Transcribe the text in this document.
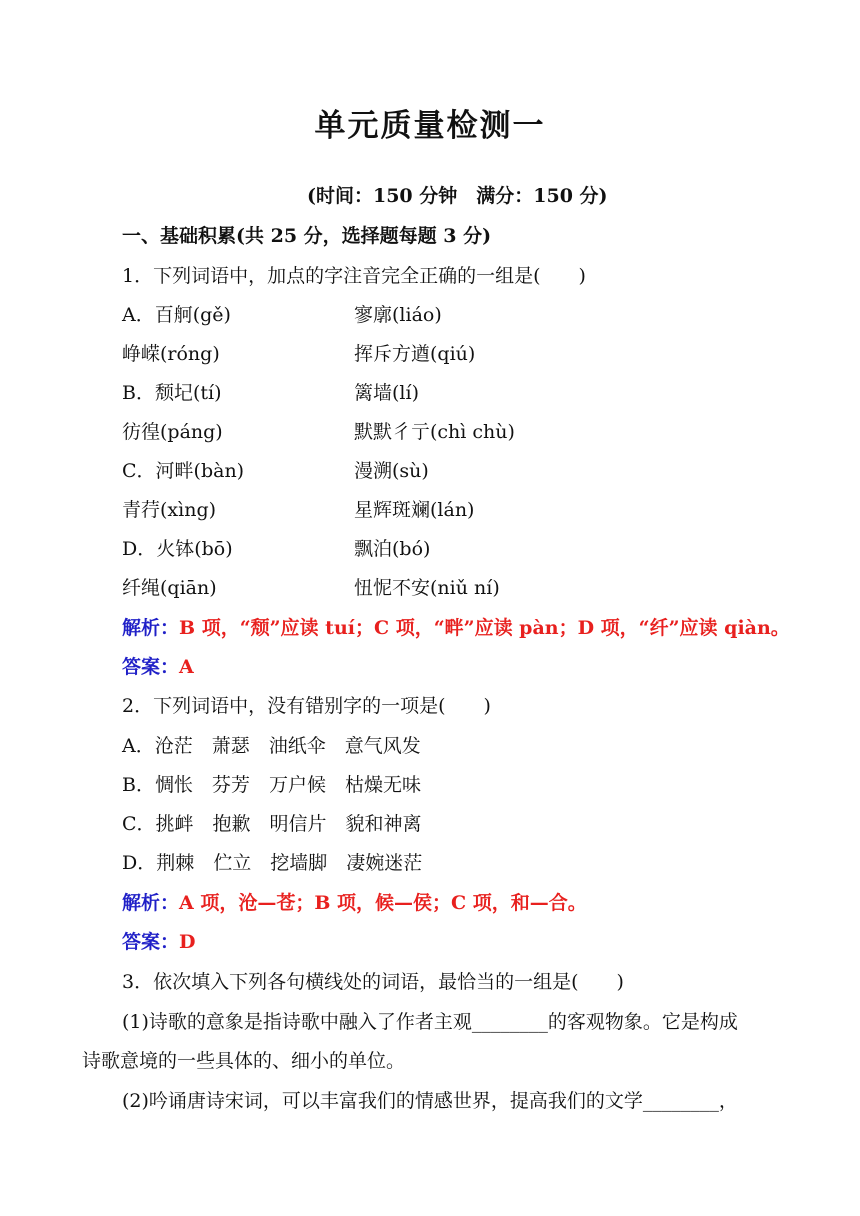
单元质量检测一
(时间：150 分钟　满分：150 分)
一、基础积累(共 25 分，选择题每题 3 分)
1．下列词语中，加点的字注音完全正确的一组是(　　)
A．百舸(gě)	寥廓(liáo)
峥嵘(róng)	挥斥方遒(qiú)
B．颓圮(tí)	篱墙(lí)
彷徨(páng)	默默彳亍(chì chù)
C．河畔(bàn)	漫溯(sù)
青荇(xìng)	星辉斑斓(lán)
D．火钵(bō)	飘泊(bó)
纤绳(qiān)	忸怩不安(niǔ ní)
解析：B 项，“颓”应读 tuí；C 项，“畔”应读 pàn；D 项，“纤”应读 qiàn。
答案：A
2．下列词语中，没有错别字的一项是(　　)
A．沧茫　萧瑟　油纸伞　意气风发
B．惆怅　芬芳　万户候　枯燥无味
C．挑衅　抱歉　明信片　貌和神离
D．荆棘　伫立　挖墙脚　凄婉迷茫
解析：A 项，沧—苍；B 项，候—侯；C 项，和—合。
答案：D
3．依次填入下列各句横线处的词语，最恰当的一组是(　　)
(1)诗歌的意象是指诗歌中融入了作者主观________的客观物象。它是构成
诗歌意境的一些具体的、细小的单位。
(2)吟诵唐诗宋词，可以丰富我们的情感世界，提高我们的文学________，
